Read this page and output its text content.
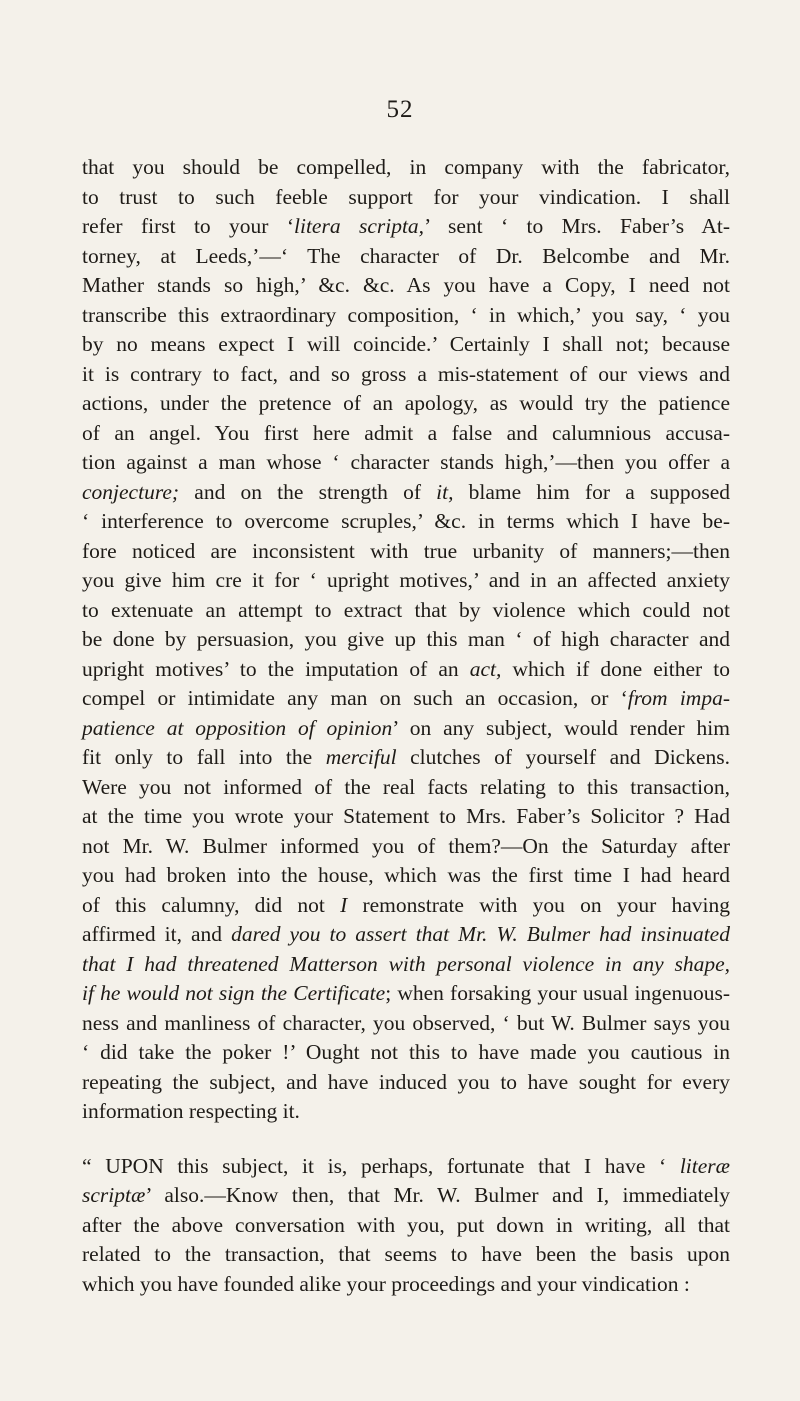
52
that you should be compelled, in company with the fabricator,
to trust to such feeble support for your vindication. I shall
refer first to your ‘litera scripta,’ sent ‘ to Mrs. Faber’s At-
torney, at Leeds,’—‘ The character of Dr. Belcombe and Mr.
Mather stands so high,’ &c. &c. As you have a Copy, I need not
transcribe this extraordinary composition, ‘ in which,’ you say, ‘ you
by no means expect I will coincide.’ Certainly I shall not; because
it is contrary to fact, and so gross a mis-statement of our views and
actions, under the pretence of an apology, as would try the patience
of an angel. You first here admit a false and calumnious accusa-
tion against a man whose ‘ character stands high,’—then you offer a
conjecture; and on the strength of it, blame him for a supposed
‘ interference to overcome scruples,’ &c. in terms which I have be-
fore noticed are inconsistent with true urbanity of manners;—then
you give him cre it for ‘ upright motives,’ and in an affected anxiety
to extenuate an attempt to extract that by violence which could not
be done by persuasion, you give up this man ‘ of high character and
upright motives’ to the imputation of an act, which if done either to
compel or intimidate any man on such an occasion, or ‘from impa-
patience at opposition of opinion’ on any subject, would render him
fit only to fall into the merciful clutches of yourself and Dickens.
Were you not informed of the real facts relating to this transaction,
at the time you wrote your Statement to Mrs. Faber’s Solicitor ? Had
not Mr. W. Bulmer informed you of them?—On the Saturday after
you had broken into the house, which was the first time I had heard
of this calumny, did not I remonstrate with you on your having
affirmed it, and dared you to assert that Mr. W. Bulmer had insinuated
that I had threatened Matterson with personal violence in any shape,
if he would not sign the Certificate; when forsaking your usual ingenuous-
ness and manliness of character, you observed, ‘ but W. Bulmer says you
‘ did take the poker !’ Ought not this to have made you cautious in
repeating the subject, and have induced you to have sought for every
information respecting it.
“ UPON this subject, it is, perhaps, fortunate that I have ‘ literæ
scriptæ’ also.—Know then, that Mr. W. Bulmer and I, immediately
after the above conversation with you, put down in writing, all that
related to the transaction, that seems to have been the basis upon
which you have founded alike your proceedings and your vindication :
